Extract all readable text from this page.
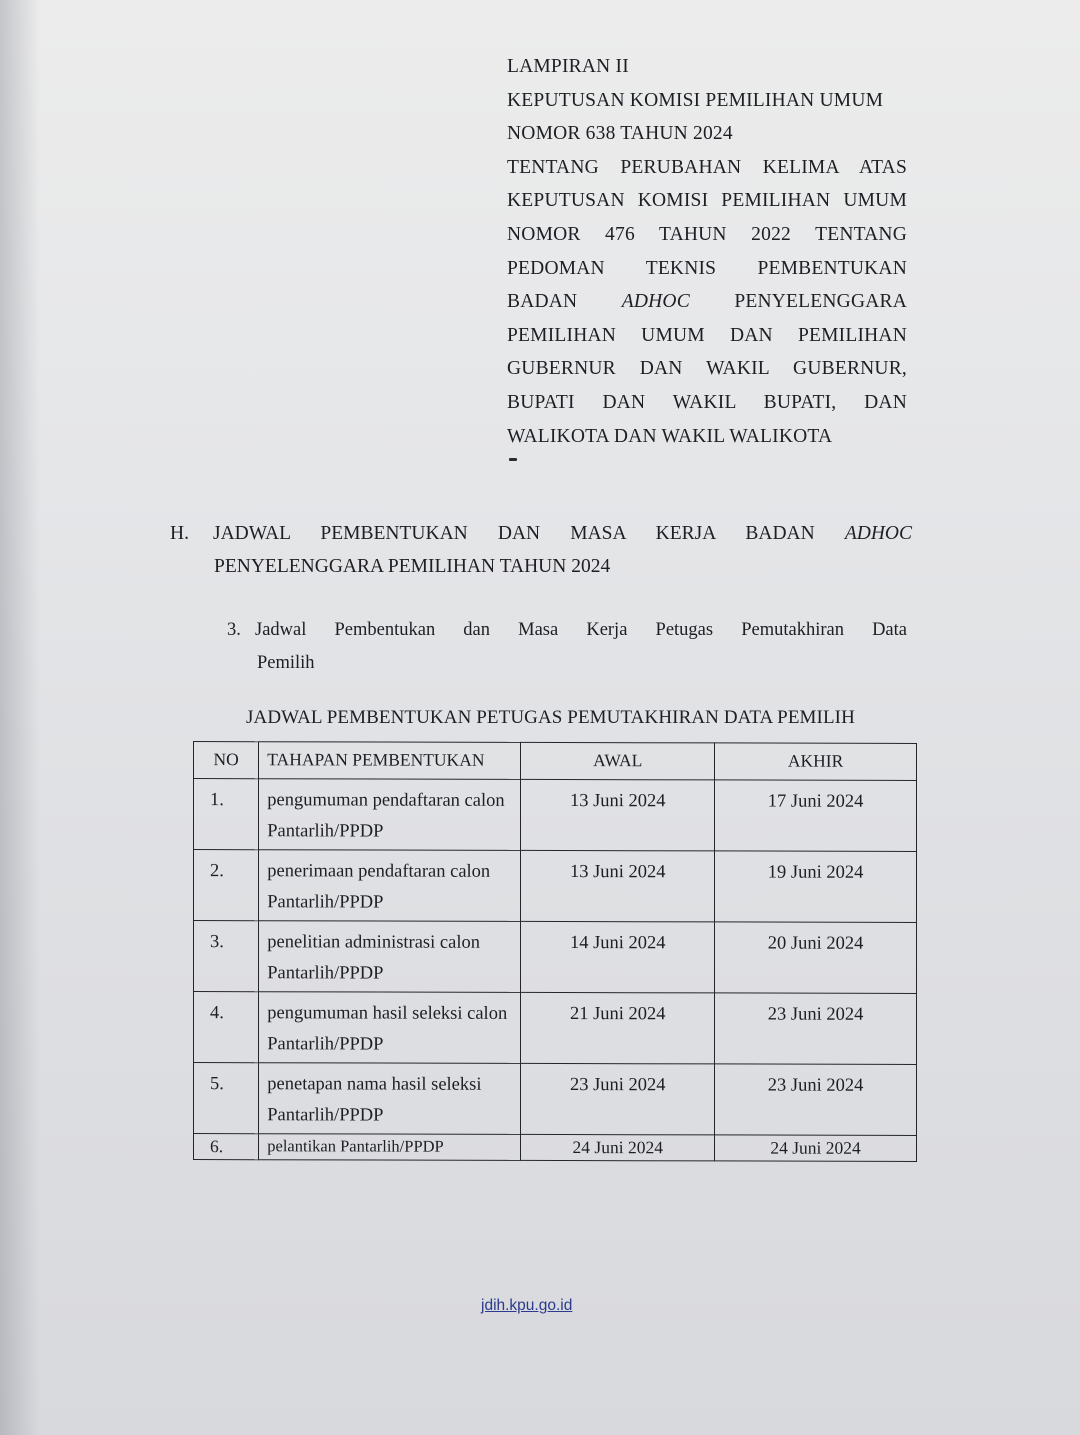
LAMPIRAN II
KEPUTUSAN KOMISI PEMILIHAN UMUM
NOMOR 638 TAHUN 2024
TENTANG PERUBAHAN KELIMA ATAS
KEPUTUSAN KOMISI PEMILIHAN UMUM
NOMOR 476 TAHUN 2022 TENTANG
PEDOMAN TEKNIS PEMBENTUKAN
BADAN ADHOC PENYELENGGARA
PEMILIHAN UMUM DAN PEMILIHAN
GUBERNUR DAN WAKIL GUBERNUR,
BUPATI DAN WAKIL BUPATI, DAN
WALIKOTA DAN WAKIL WALIKOTA
H. JADWAL PEMBENTUKAN DAN MASA KERJA BADAN ADHOC
PENYELENGGARA PEMILIHAN TAHUN 2024
3. Jadwal Pembentukan dan Masa Kerja Petugas Pemutakhiran Data
Pemilih
JADWAL PEMBENTUKAN PETUGAS PEMUTAKHIRAN DATA PEMILIH
NO	TAHAPAN PEMBENTUKAN	AWAL	AKHIR
1.	pengumuman pendaftaran calon Pantarlih/PPDP	13 Juni 2024	17 Juni 2024
2.	penerimaan pendaftaran calon Pantarlih/PPDP	13 Juni 2024	19 Juni 2024
3.	penelitian administrasi calon Pantarlih/PPDP	14 Juni 2024	20 Juni 2024
4.	pengumuman hasil seleksi calon Pantarlih/PPDP	21 Juni 2024	23 Juni 2024
5.	penetapan nama hasil seleksi Pantarlih/PPDP	23 Juni 2024	23 Juni 2024
6.	pelantikan Pantarlih/PPDP	24 Juni 2024	24 Juni 2024
jdih.kpu.go.id
